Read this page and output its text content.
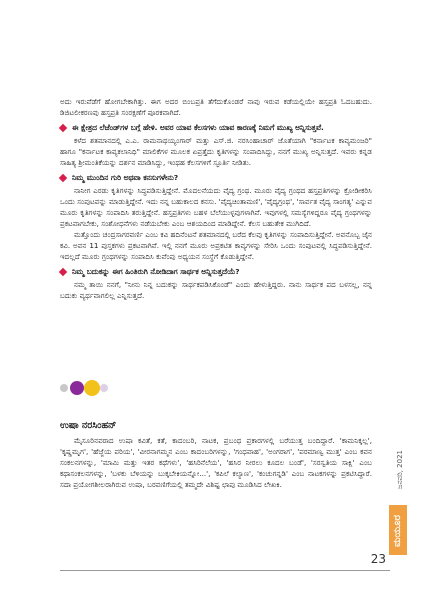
ಅದು ಇರುವೆಡೆಗೆ ಹೋಗಬೇಕಾಗಿತ್ತು. ಈಗ ಅದರ ಬಿಂಬಪ್ರತಿ ತೆಗೆದುಕೊಂಡರೆ ನಾವು ಇರುವ ಕಡೆಯಲ್ಲಿಯೇ ಹಸ್ತಪ್ರತಿ ಓದಬಹುದು. ಡಿಜಿಟಲೀಕರಣವು ಹಸ್ತಪ್ರತಿ ಸಂರಕ್ಷಣೆಗೆ ಪೂರಕವಾಗಿದೆ.

ಈ ಕ್ಷೇತ್ರದ ಲೆಜೆಂಡ್‌ಗಳ ಬಗ್ಗೆ ಹೇಳಿ. ಅವರ ಯಾವ ಕೆಲಸಗಳು ಯಾವ ಕಾರಣಕ್ಕೆ ನಿಮಗೆ ಮುಖ್ಯ ಅನ್ನಿಸುತ್ತವೆ.

ಕಳೆದ ಶತಮಾನದಲ್ಲಿ ಎ.ಎ. ರಾಮನಾಥಯ್ಯಂಗಾರ್ ಮತ್ತು ಎಸ್.ಜಿ. ನರಸಿಂಹಾಚಾರ್ ಜೊತೆಯಾಗಿ "ಕರ್ನಾಟಕ ಕಾವ್ಯಮಂಜರಿ" ಹಾಗೂ "ಕರ್ನಾಟಕ ಕಾವ್ಯಕಲಾನಿಧಿ" ಮಾಲಿಕೆಗಳ ಮೂಲಕ ಏಪ್ರತ್ತೈದು ಕೃತಿಗಳನ್ನು ಸಂಪಾದಿಸಿದ್ದು, ನನಗೆ ಮುಖ್ಯ ಅನ್ನಿಸುತ್ತದೆ. ಇವರು ಕನ್ನಡ ಸಾಹಿತ್ಯ ಶ್ರೀಮಂತಿಕೆಯನ್ನು ದರ್ಶನ ಮಾಡಿಸಿದ್ದು, ಇಂಥಹ ಕೆಲಸಗಳಿಗೆ ಸ್ಫೂರ್ತಿ ನೀಡಿತು.

ನಿಮ್ಮ ಮುಂದಿನ ಗುರಿ ಅಥವಾ ಕನಸುಗಳೇನು?

ನಾನೀಗ ಎರಡು ಕೃತಿಗಳನ್ನು ಸಿದ್ಧಪಡಿಸುತ್ತಿದ್ದೇನೆ. ಮೊದಲನೆಯದು ವೈದ್ಯ ಗ್ರಂಥ. ಮೂರು ವೈದ್ಯ ಗ್ರಂಥದ ಹಸ್ತಪ್ರತಿಗಳನ್ನು ಕ್ರೋಡೀಕರಿಸಿ ಒಂದು ಸಂಪುಟವನ್ನು ಮಾಡುತ್ತಿದ್ದೇನೆ. ಇದು ನನ್ನ ಬಹುಕಾಲದ ಕನಸು. 'ವೈದ್ಯಚಿಂತಾಮಣಿ', 'ವೈದ್ಯಗ್ರಂಥ', 'ಸಾರ್ವತ ವೈದ್ಯ ಸಾಂಗತ್ಯ' ಎನ್ನುವ ಮೂರು ಕೃತಿಗಳನ್ನು ಸಂಪಾದಿಸಿ ತರುತ್ತಿದ್ದೇನೆ. ಹಸ್ತಪ್ರತಿಗಳು ಬಹಳ ಬೆಲೆಯುಳ್ಳವುಗಳಾಗಿವೆ. ಇವುಗಳಲ್ಲಿ ಸಮಸ್ಯೆಗಳಿದ್ದರೂ ವೈದ್ಯ ಗ್ರಂಥಗಳನ್ನು ಪ್ರಕಟವಾಗಬೇಕು, ಸಂಶೋಧನೆಗಳು ನಡೆಯಬೇಕು ಎಂಬ ಆಶಯದಿಂದ ಮಾಡಿದ್ದೇನೆ. ಕೆಲಸ ಬಹುತೇಕ ಮುಗಿದಿದೆ.

ಮತ್ತೊಂದು ಚಂದ್ರಸಾಗರವರ್ಣಿ ಎಂಬ ಕವಿ ಹದಿನೆಂಟನೆ ಶತಮಾನದಲ್ಲಿ ಬರೆದ ಕೆಲವು ಕೃತಿಗಳನ್ನು ಸಂಪಾದಿಸುತ್ತಿದ್ದೇನೆ. ಅವನೊಬ್ಬ ಜೈನ ಕವಿ. ಅವನ 11 ಪುಸ್ತಕಗಳು ಪ್ರಕಟವಾಗಿವೆ. ಇಲ್ಲಿ ನನಗೆ ಮೂರು ಅಪ್ರಕಟಿತ ಕಾವ್ಯಗಳನ್ನು ಸೇರಿಸಿ ಒಂದು ಸಂಪುಟವಲ್ಲಿ ಸಿದ್ಧಪಡಿಸುತ್ತಿದ್ದೇನೆ. ಇದಲ್ಲದೆ ಮೂರು ಗ್ರಂಥಗಳನ್ನು ಸಂಪಾದಿಸಿ ಕುವೆಂಪು ಅಧ್ಯಯನ ಸಂಸ್ಥೆಗೆ ಕೊಡುತ್ತಿದ್ದೇನೆ.

ನಿಮ್ಮ ಬದುಕನ್ನು ಈಗ ಹಿಂತಿರುಗಿ ನೋಡಿದಾಗ ಸಾರ್ಥಕ ಅನ್ನಿಸುತ್ತದೆಯೆ?

ನಮ್ಮ ತಾಯಿ ನನಗೆ, "ನೀನು ನಿನ್ನ ಬದುಕನ್ನು ಸಾರ್ಥಕಪಡಿಸಿಕೊಂಡೆ" ಎಂದು ಹೇಳುತ್ತಿದ್ದರು. ನಾನು ಸಾರ್ಥಕ ಪದ ಬಳಸಲ್ಲ, ನನ್ನ ಬದುಕು ವ್ಯರ್ಥವಾಗಲಿಲ್ಲ ಎನ್ನಿಸುತ್ತದೆ.

ಉಷಾ ನರಸಿಂಹನ್

ಮೈಸೂರಿನವರಾದ ಉಷಾ ಕವಿತೆ, ಕತೆ, ಕಾದಂಬರಿ, ನಾಟಕ, ಪ್ರಬಂಧ ಪ್ರಕಾರಗಳಲ್ಲಿ ಬರೆಯುತ್ತ ಬಂದಿದ್ದಾರೆ. 'ಕಾಮನಿಕ್ಕಲ್ಲ', 'ಕೃಷ್ಣಮೃಗ', 'ಹೆಜ್ಜೆಯ ಪರಿಯ', 'ವೀರನಾಗಮ್ಮನ ಎಂಬ ಕಾದಂಬರಿಗಳನ್ನು, 'ಗಂಧವಾಹ', 'ಅಂಗರಾಗ', 'ಪರಮಾಣ್ವ ಮುತ್ತ' ಎಂಬ ಕವನ ಸಂಕಲನಗಳನ್ನು, 'ಮಾಮಿ ಮತ್ತು ಇತರ ಕಥೆಗಳು', 'ಹಸಿರಿನೆಲೆಯ', 'ಹಸಿರ ನೀರಲು ಕೂದಲ ಬಂಡೆ', 'ಸರಸ್ವತಿಯ ಸಾಕ್ಷಿ' ಎಂಬ ಕಥಾಸಂಕಲನಗಳನ್ನು, 'ಬಳಕು ಬೆಳಿಯನ್ನು ಬುಕ್ಕಬೇಕಿಯನ್ನೋ...', 'ಕಪಿಲೆ ಕಲ್ಯಾಣ', 'ಕಂಚುಗನ್ನಡಿ' ಎಂಬ ನಾಟಕಗಳನ್ನು ಪ್ರಕಟಿಸಿದ್ದಾರೆ. ಸದಾ ಪ್ರಯೋಗಶೀಲರಾಗಿರುವ ಉಷಾ, ಬರವಣಿಗೆಯಲ್ಲಿ ತಮ್ಮದೇ ವಿಶಿಷ್ಟ ಛಾಪು ಮೂಡಿಸಿದ ಲೇಖಕಿ.	ಜನವರಿ, 2021
ಮಯೂರ
23
